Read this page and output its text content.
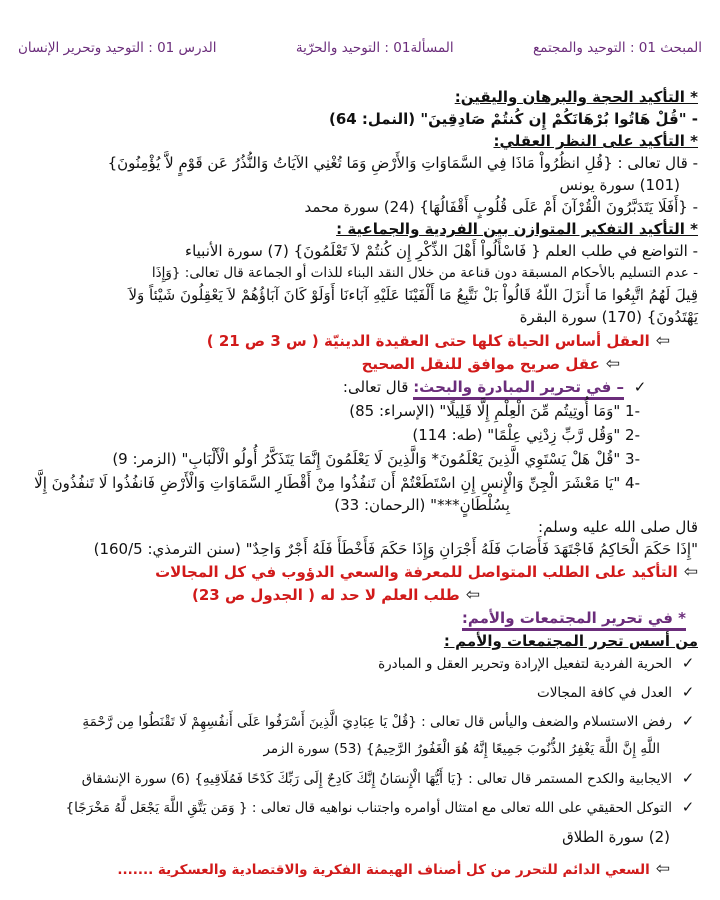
المبحث 01 : التوحيد والمجتمع
المسألة01 : التوحيد والحرّية
الدرس 01 : التوحيد وتحرير الإنسان
* التأكيد الحجة والبرهان واليقين:
- "قُلْ هَاتُوا بُرْهَانَكُمْ إِن كُنتُمْ صَادِقِينَ" (النمل: 64)
* التأكيد على النظر العقلي:
- قال تعالى : {قُلِ انظُرُواْ مَاذَا فِي السَّمَاوَاتِ وَالأَرْضِ وَمَا تُغْنِي الآيَاتُ وَالنُّذُرُ عَن قَوْمٍ لاَّ يُؤْمِنُونَ}
(101) سورة يونس
- {أَفَلَا يَتَدَبَّرُونَ الْقُرْآنَ أَمْ عَلَى قُلُوبٍ أَقْفَالُهَا} (24) سورة محمد
* التأكيد التفكير المتوازن بين الفردية والجماعية :
- التواضع في طلب العلم { فَاسْأَلُواْ أَهْلَ الذِّكْرِ إِن كُنتُمْ لاَ تَعْلَمُونَ} (7) سورة الأنبياء
- عدم التسليم بالأحكام المسبقة دون قناعة من خلال النقد البناء للذات أو الجماعة قال تعالى: {وَإِذَا
قِيلَ لَهُمُ اتَّبِعُوا مَا أَنزَلَ اللّهُ قَالُواْ بَلْ نَتَّبِعُ مَا أَلْفَيْنَا عَلَيْهِ آبَاءنَا أَوَلَوْ كَانَ آبَاؤُهُمْ لاَ يَعْقِلُونَ شَيْئاً وَلاَ
يَهْتَدُونَ} (170) سورة البقرة
⇦العقل أساس الحياة كلها حتى العقيدة الدينيّة ( س 3 ص 21 )
⇦عقل صريح موافق للنقل الصحيح
✓– في تحرير المبادرة والبحث: قال تعالى:
-1 "وَمَا أُوتِيتُم مِّنَ الْعِلْمِ إِلَّا قَلِيلًا" (الإسراء: 85)
-2 "وَقُل رَّبِّ زِدْنِي عِلْمًا" (طه: 114)
-3 "قُلْ هَلْ يَسْتَوِي الَّذِينَ يَعْلَمُونَ* وَالَّذِينَ لَا يَعْلَمُونَ إِنَّمَا يَتَذَكَّرُ أُولُو الْأَلْبَابِ" (الزمر: 9)
-4 "يَا مَعْشَرَ الْجِنِّ وَالْإِنسِ إِنِ اسْتَطَعْتُمْ أَن تَنفُذُوا مِنْ أَقْطَارِ السَّمَاوَاتِ وَالْأَرْضِ فَانفُذُوا لَا تَنفُذُونَ إِلَّا
بِسُلْطَانٍ***" (الرحمان: 33)
قال صلى الله عليه وسلم:
"إِذَا حَكَمَ الْحَاكِمُ فَاجْتَهَدَ فَأَصَابَ فَلَهُ أَجْرَانِ وَإِذَا حَكَمَ فَأَخْطَأَ فَلَهُ أَجْرٌ وَاحِدٌ" (سنن الترمذي: 160/5)
⇦التأكيد على الطلب المتواصل للمعرفة والسعي الدؤوب في كل المجالات
⇦طلب العلم لا حد له ( الجدول ص 23)
* في تحرير المجتمعات والأمم:
من أسس تحرر المجتمعات والأمم :
✓الحرية الفردية لتفعيل الإرادة وتحرير العقل و المبادرة
✓العدل في كافة المجالات
✓رفض الاستسلام والضعف واليأس قال تعالى : {قُلْ يَا عِبَادِيَ الَّذِينَ أَسْرَفُوا عَلَى أَنفُسِهِمْ لَا تَقْنَطُوا مِن رَّحْمَةِ
اللَّهِ إِنَّ اللَّهَ يَغْفِرُ الذُّنُوبَ جَمِيعًا إِنَّهُ هُوَ الْغَفُورُ الرَّحِيمُ} (53) سورة الزمر
✓الايجابية والكدح المستمر قال تعالى : {يَا أَيُّهَا الْإِنسَانُ إِنَّكَ كَادِحٌ إِلَى رَبِّكَ كَدْحًا فَمُلَاقِيهِ} (6) سورة الإنشقاق
✓التوكل الحقيقي على الله تعالى مع امتثال أوامره واجتناب نواهيه قال تعالى : { وَمَن يَتَّقِ اللَّهَ يَجْعَل لَّهُ مَخْرَجًا}
(2) سورة الطلاق
⇦السعي الدائم للتحرر من كل أصناف الهيمنة الفكرية والاقتصادية والعسكرية .......
